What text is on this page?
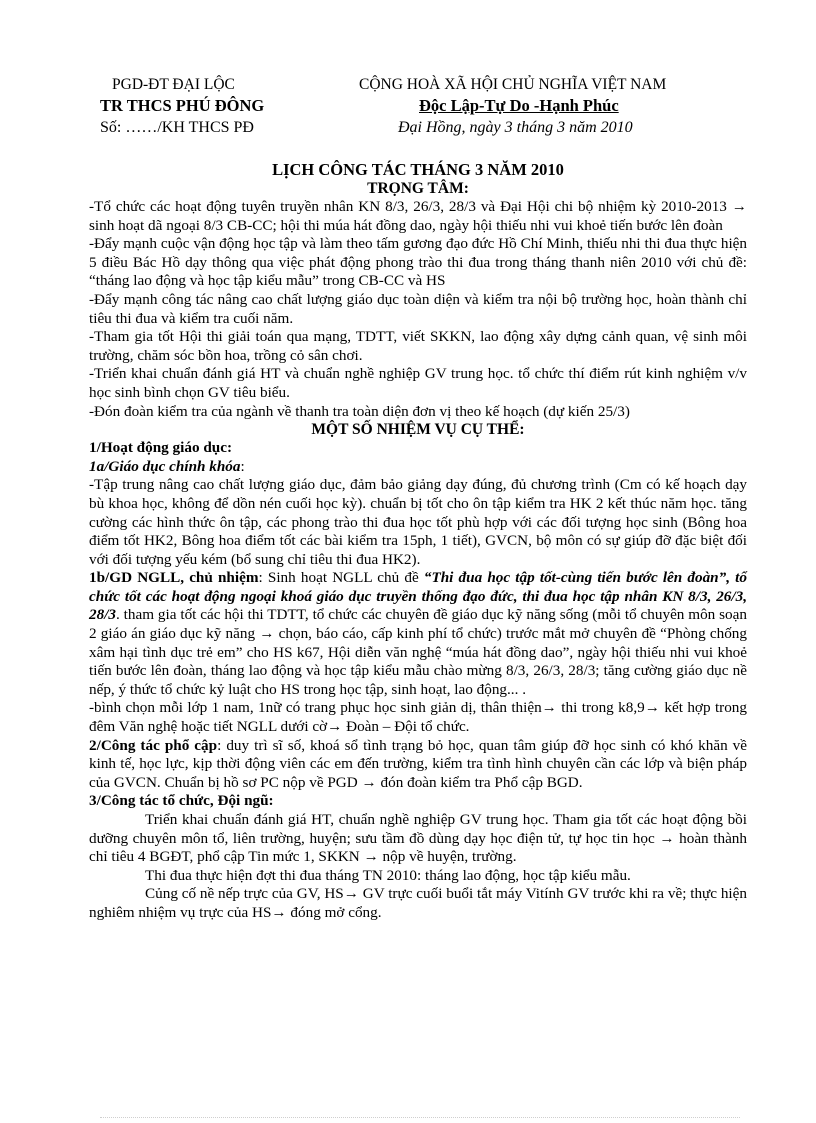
PGD-ĐT ĐẠI LỘC
TR THCS PHÚ ĐÔNG
Số: ……/KH THCS PĐ
CỘNG HOÀ XÃ HỘI CHỦ NGHĨA VIỆT NAM
Độc Lập-Tự Do -Hạnh Phúc
Đại Hồng, ngày 3 tháng 3 năm 2010
LỊCH CÔNG TÁC THÁNG 3 NĂM 2010
TRỌNG TÂM:

-Tổ chức các hoạt động tuyên truyền nhân KN 8/3, 26/3, 28/3 và Đại Hội chi bộ nhiệm kỳ 2010-2013 → sinh hoạt dã ngoại 8/3 CB-CC; hội thi múa hát đồng dao, ngày hội thiếu nhi vui khoẻ tiến bước lên đoàn

-Đẩy mạnh cuộc vận động học tập và làm theo tấm gương đạo đức Hồ Chí Minh, thiếu nhi thi đua thực hiện 5 điều Bác Hồ dạy thông qua việc phát động phong trào thi đua trong tháng thanh niên 2010 với chủ đề: “tháng lao động và học tập kiểu mẫu” trong CB-CC và HS

-Đẩy mạnh công tác nâng cao chất lượng giáo dục toàn diện và kiểm tra nội bộ trường học, hoàn thành chỉ tiêu thi đua và kiểm tra cuối năm.

-Tham gia tốt Hội thi giải toán qua mạng, TDTT, viết SKKN, lao động xây dựng cảnh quan, vệ sinh môi trường, chăm sóc bồn hoa, trồng cỏ sân chơi.

-Triển khai chuẩn đánh giá HT và chuẩn nghề nghiệp GV trung học. tổ chức thí điểm rút kinh nghiệm v/v học sinh bình chọn GV tiêu biểu.

-Đón đoàn kiểm tra của ngành về thanh tra toàn diện đơn vị theo kế hoạch (dự kiến 25/3)

MỘT SỐ NHIỆM VỤ CỤ THỂ:

1/Hoạt động giáo dục:

1a/Giáo dục chính khóa:

-Tập trung nâng cao chất lượng giáo dục, đảm bảo giảng dạy đúng, đủ chương trình (Cm có kế hoạch dạy bù khoa học, không để dồn nén cuối học kỳ). chuẩn bị tốt cho ôn tập kiểm tra HK 2 kết thúc năm học. tăng cường các hình thức ôn tập, các phong trào thi đua học tốt phù hợp với các đối tượng học sinh (Bông hoa điểm tốt HK2, Bông hoa điểm tốt các bài kiểm tra 15ph, 1 tiết), GVCN, bộ môn có sự giúp đỡ đặc biệt đối với đối tượng yếu kém (bổ sung chỉ tiêu thi đua HK2).

1b/GD NGLL, chủ nhiệm: Sinh hoạt NGLL chủ đề “Thi đua học tập tốt-cùng tiến bước lên đoàn”, tổ chức tốt các hoạt động ngoại khoá giáo dục truyền thống đạo đức, thi đua học tập nhân KN 8/3, 26/3, 28/3. tham gia tốt các hội thi TDTT, tổ chức các chuyên đề giáo dục kỹ năng sống (mỗi tổ chuyên môn soạn 2 giáo án giáo dục kỹ năng → chọn, báo cáo, cấp kinh phí tổ chức) trước mắt mở chuyên đề “Phòng chống xâm hại tình dục trẻ em” cho HS k67, Hội diễn văn nghệ “múa hát đồng dao”, ngày hội thiếu nhi vui khoẻ tiến bước lên đoàn, tháng lao động và học tập kiểu mẫu chào mừng 8/3, 26/3, 28/3; tăng cường giáo dục nề nếp, ý thức tổ chức kỷ luật cho HS trong học tập, sinh hoạt, lao động... .

-bình chọn mỗi lớp 1 nam, 1nữ có trang phục học sinh giản dị, thân thiện→ thi trong k8,9→ kết hợp trong đêm Văn nghệ hoặc tiết NGLL dưới cờ→ Đoàn – Đội tổ chức.

2/Công tác phổ cập: duy trì sĩ số, khoá sổ tình trạng bỏ học, quan tâm giúp đỡ học sinh có khó khăn về kinh tế, học lực, kịp thời động viên các em đến trường, kiểm tra tình hình chuyên cần các lớp và biện pháp của GVCN. Chuẩn bị hồ sơ PC nộp về PGD → đón đoàn kiểm tra Phổ cập BGD.

3/Công tác tổ chức, Đội ngũ:

Triển khai chuẩn đánh giá HT, chuẩn nghề nghiệp GV trung học. Tham gia tốt các hoạt động bồi dưỡng chuyên môn tổ, liên trường, huyện; sưu tầm đồ dùng dạy học điện tử, tự học tin học → hoàn thành chỉ tiêu 4 BGĐT, phổ cập Tin mức 1, SKKN → nộp về huyện, trường.

Thi đua thực hiện đợt thi đua tháng TN 2010: tháng lao động, học tập kiểu mẫu.

Củng cố nề nếp trực của GV, HS→ GV trực cuối buổi tắt máy Vitính GV trước khi ra về; thực hiện nghiêm nhiệm vụ trực của HS→ đóng mở cổng.
